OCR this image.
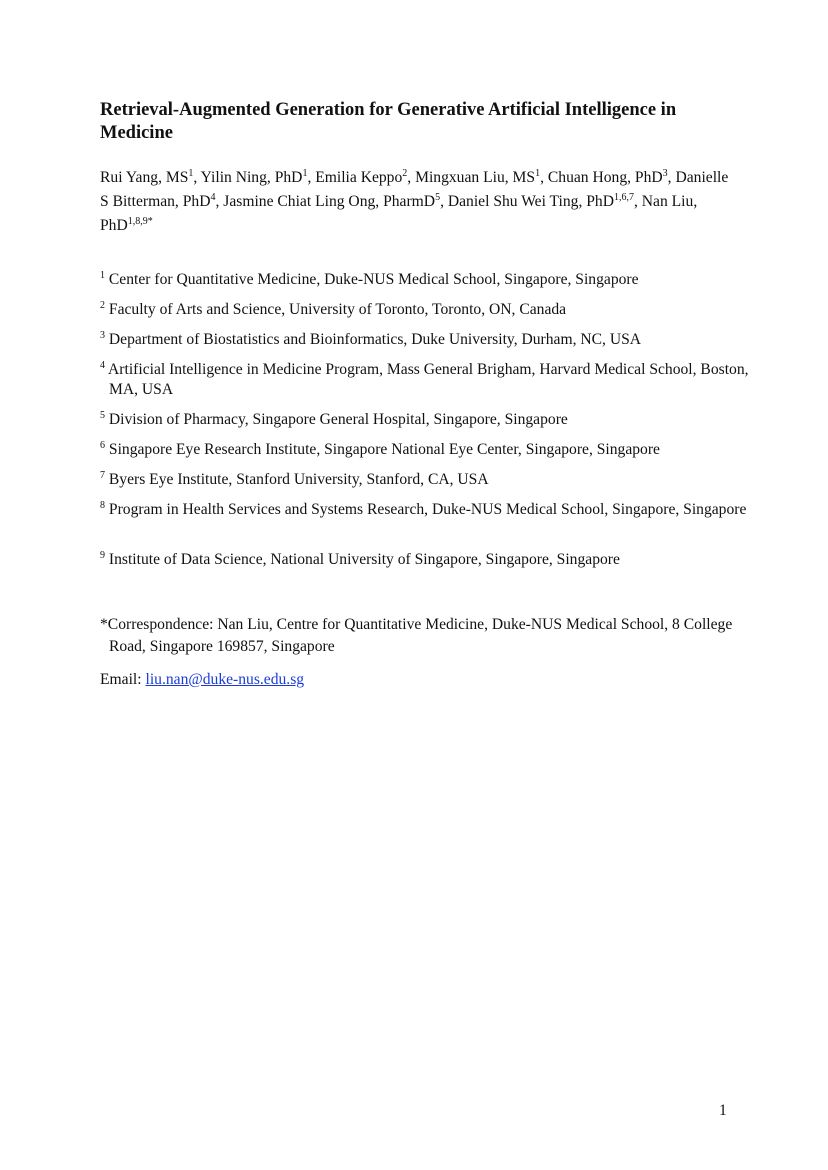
Retrieval-Augmented Generation for Generative Artificial Intelligence in Medicine

Rui Yang, $MS^1$, Yilin Ning, PhD$^1$, Emilia Keppo$^2$, Mingxuan Liu, $MS^1$, Chuan Hong, PhD$^3$, Danielle S Bitterman, PhD$^4$, Jasmine Chiat Ling Ong, PharmD$^5$, Daniel Shu Wei Ting, PhD$^{1,6,7}$, Nan Liu, PhD$^{1,8,9*}$

$^1$ Center for Quantitative Medicine, Duke-NUS Medical School, Singapore, Singapore

$^2$ Faculty of Arts and Science, University of Toronto, Toronto, ON, Canada

$^3$ Department of Biostatistics and Bioinformatics, Duke University, Durham, NC, USA

$^4$ Artificial Intelligence in Medicine Program, Mass General Brigham, Harvard Medical School, Boston, MA, USA

$^5$ Division of Pharmacy, Singapore General Hospital, Singapore, Singapore

$^6$ Singapore Eye Research Institute, Singapore National Eye Center, Singapore, Singapore

$^7$ Byers Eye Institute, Stanford University, Stanford, CA, USA

$^8$ Program in Health Services and Systems Research, Duke-NUS Medical School, Singapore, Singapore

$^9$ Institute of Data Science, National University of Singapore, Singapore, Singapore

*Correspondence: Nan Liu, Centre for Quantitative Medicine, Duke-NUS Medical School, 8 College Road, Singapore 169857, Singapore

Email: liu.nan@duke-nus.edu.sg

1
